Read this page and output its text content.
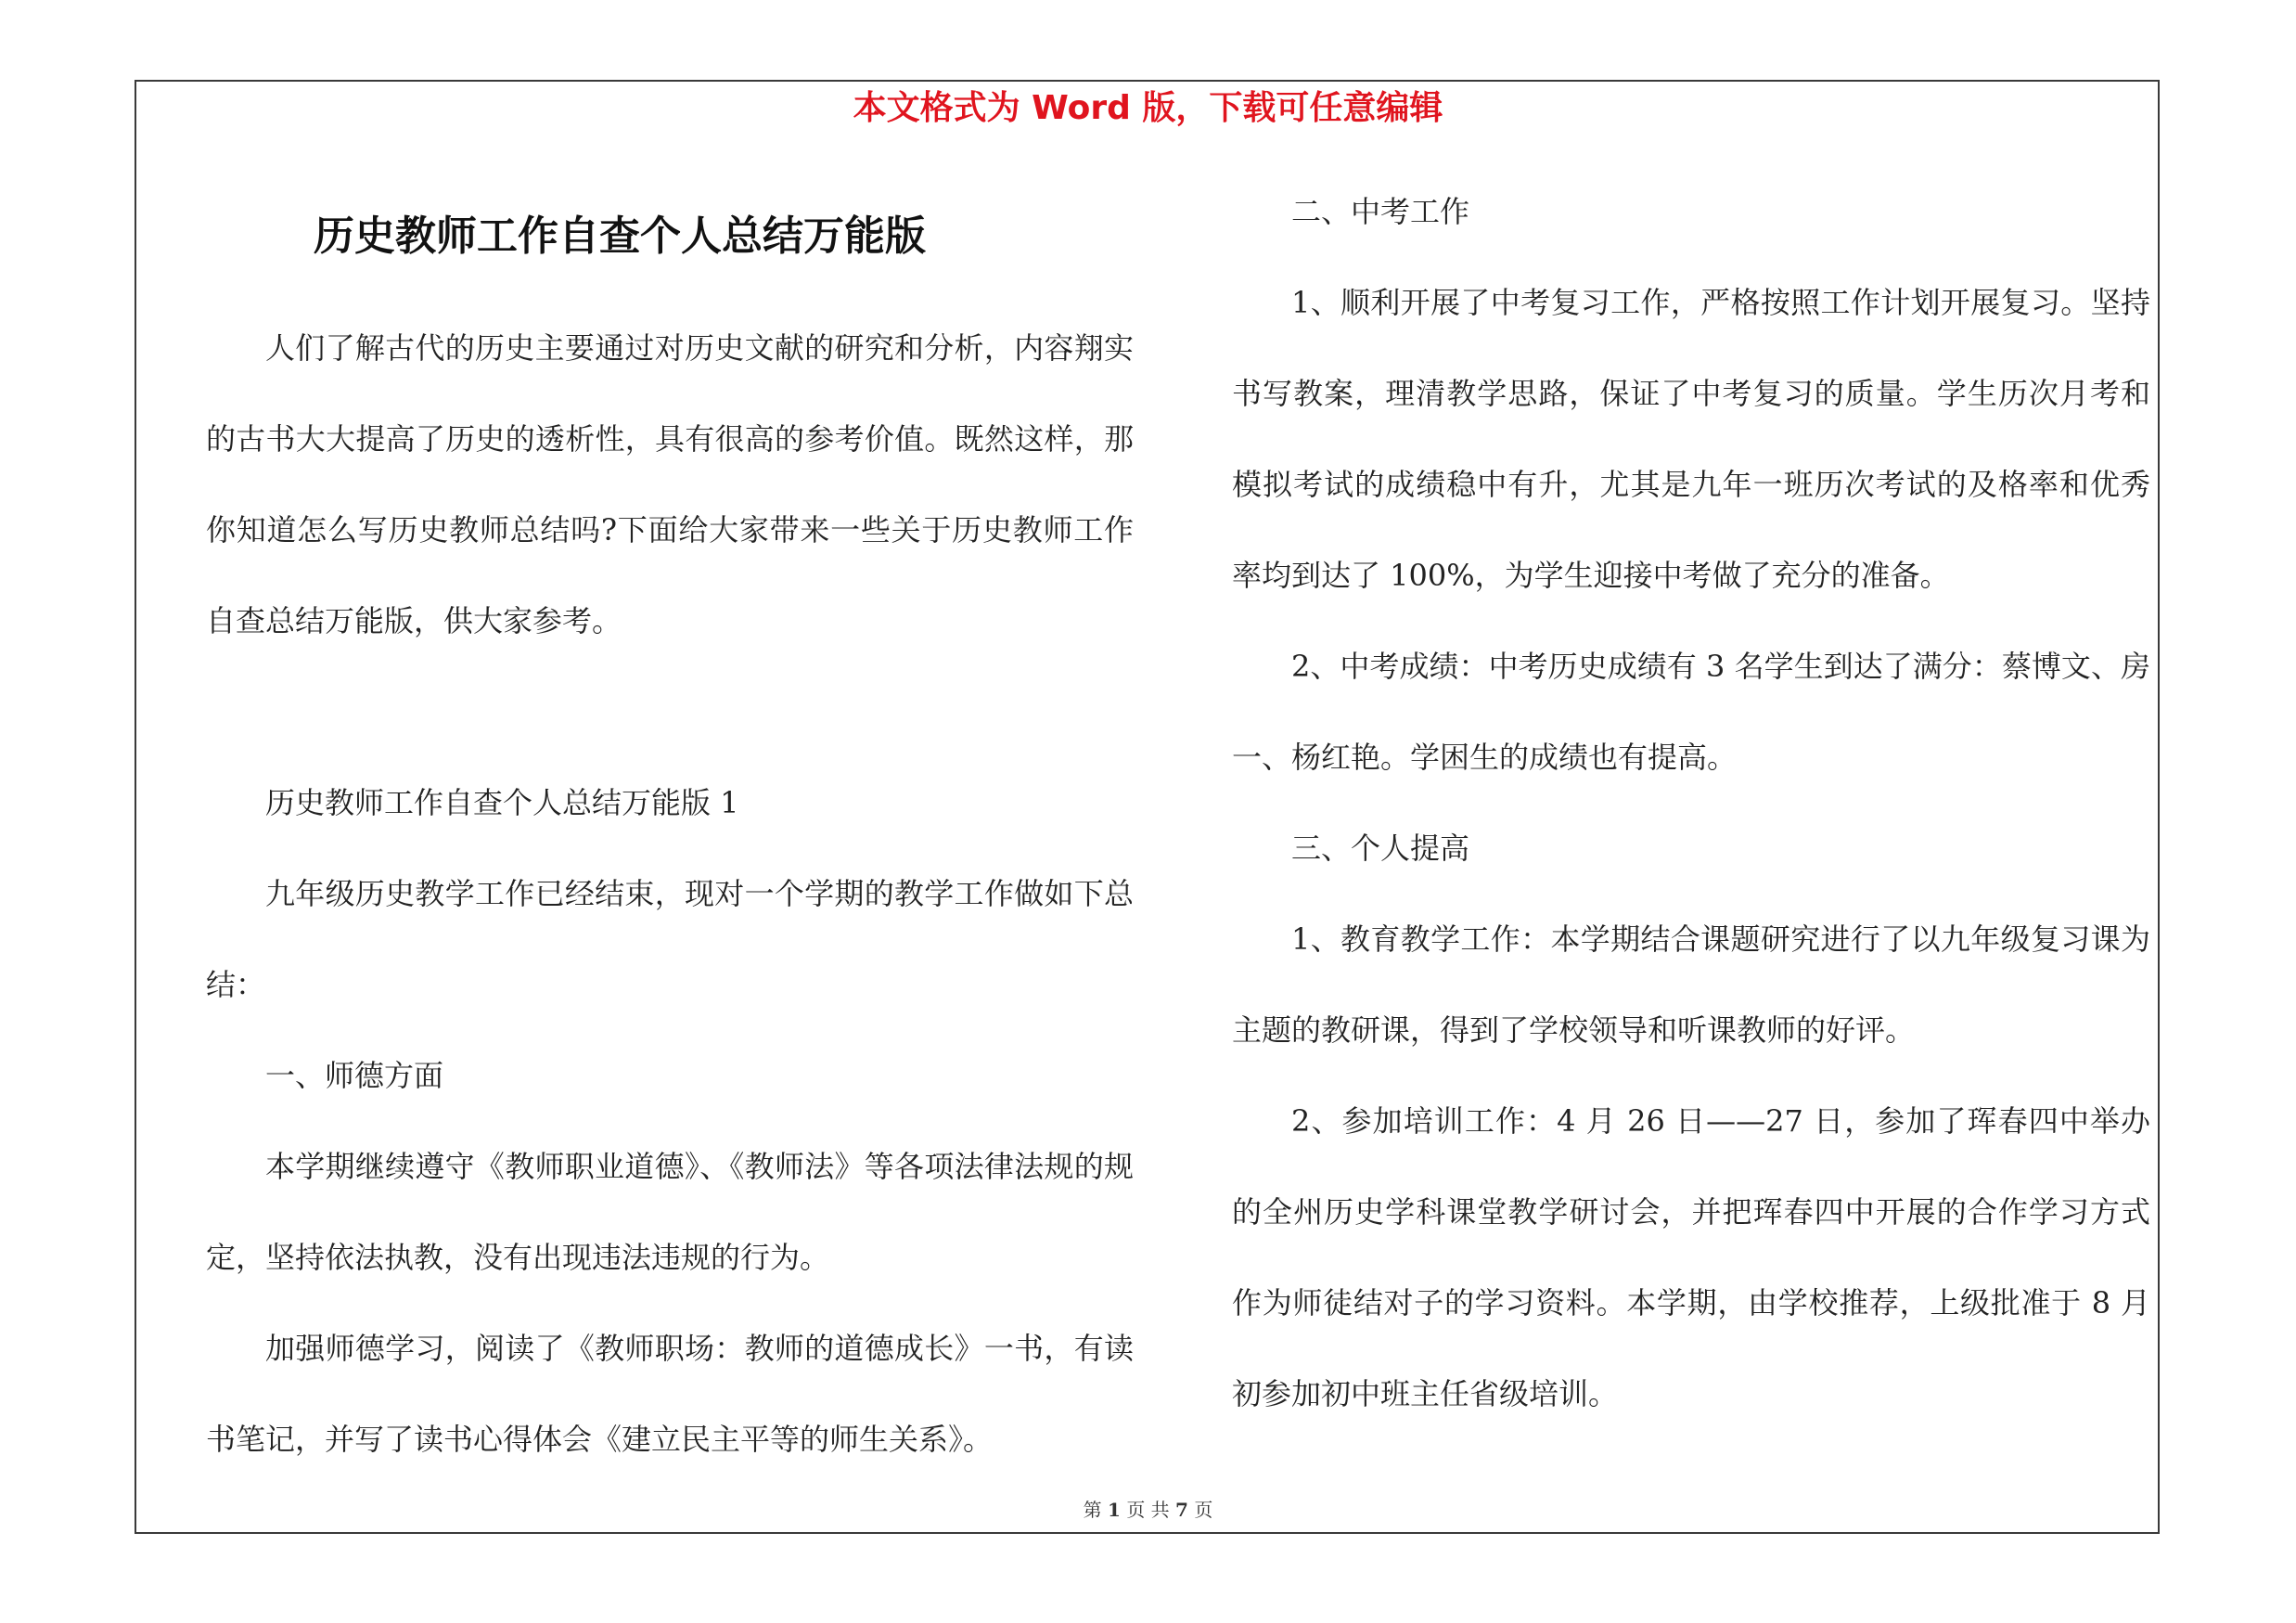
本文格式为 Word 版，下载可任意编辑
历史教师工作自查个人总结万能版

人们了解古代的历史主要通过对历史文献的研究和分析，内容翔实的古书大大提高了历史的透析性，具有很高的参考价值。既然这样，那你知道怎么写历史教师总结吗?下面给大家带来一些关于历史教师工作自查总结万能版，供大家参考。

历史教师工作自查个人总结万能版 1

九年级历史教学工作已经结束，现对一个学期的教学工作做如下总结：

一、师德方面

本学期继续遵守《教师职业道德》、《教师法》等各项法律法规的规定，坚持依法执教，没有出现违法违规的行为。

加强师德学习，阅读了《教师职场：教师的道德成长》一书，有读书笔记，并写了读书心得体会《建立民主平等的师生关系》。

二、中考工作

1、顺利开展了中考复习工作，严格按照工作计划开展复习。坚持书写教案，理清教学思路，保证了中考复习的质量。学生历次月考和模拟考试的成绩稳中有升，尤其是九年一班历次考试的及格率和优秀率均到达了 100%，为学生迎接中考做了充分的准备。

2、中考成绩：中考历史成绩有 3 名学生到达了满分：蔡博文、房一、杨红艳。学困生的成绩也有提高。

三、个人提高

1、教育教学工作：本学期结合课题研究进行了以九年级复习课为主题的教研课，得到了学校领导和听课教师的好评。

2、参加培训工作：4 月 26 日——27 日，参加了珲春四中举办的全州历史学科课堂教学研讨会，并把珲春四中开展的合作学习方式作为师徒结对子的学习资料。本学期，由学校推荐，上级批准于 8 月初参加初中班主任省级培训。

第 1 页 共 7 页
